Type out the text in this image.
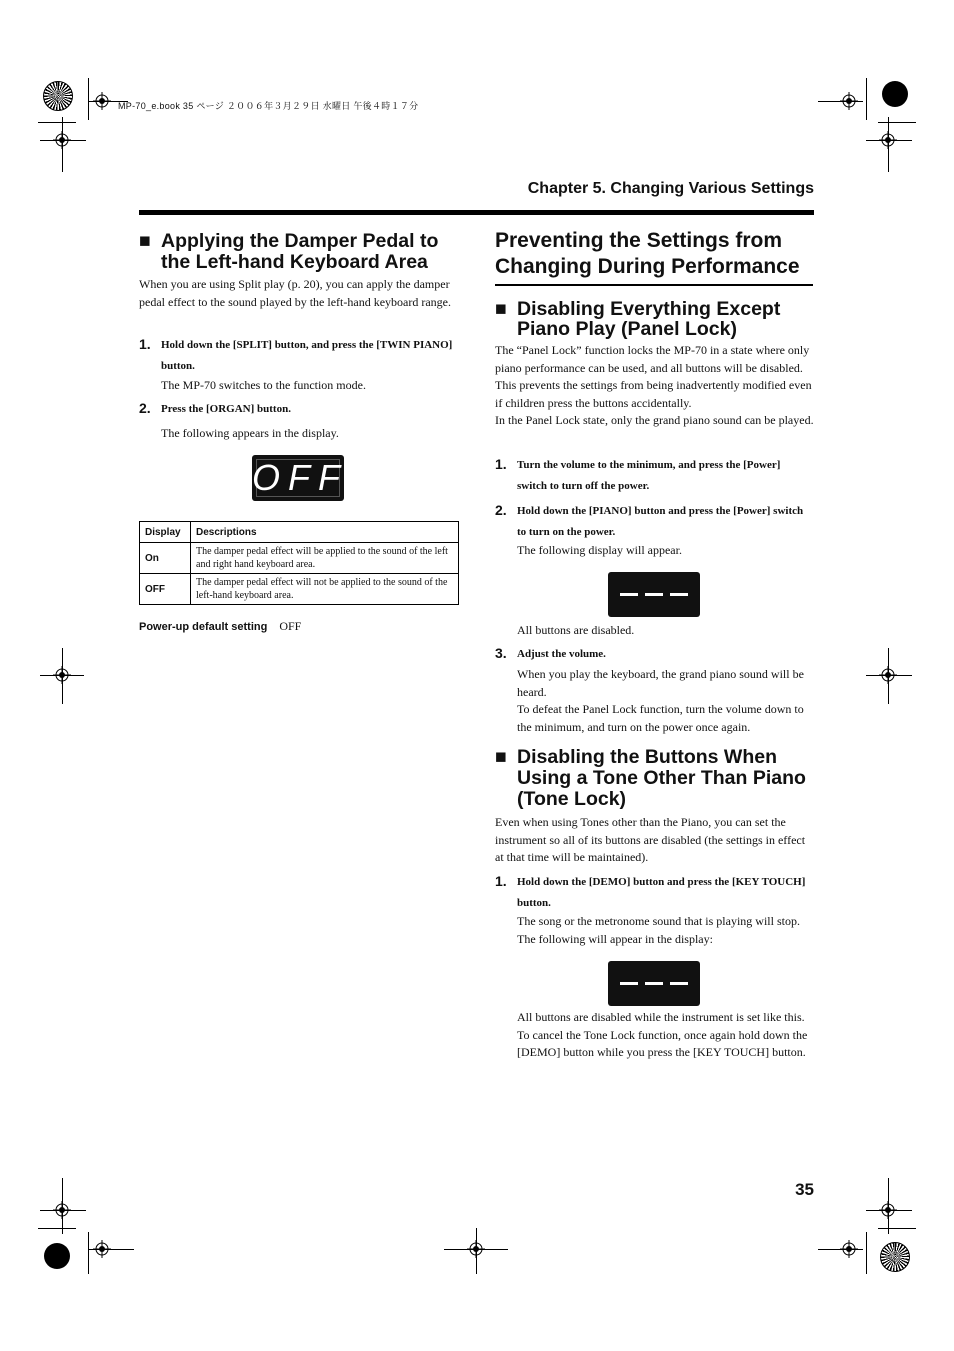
MP-70_e.book 35 ページ ２００６年３月２９日 水曜日 午後４時１７分
Chapter 5. Changing Various Settings
■ Applying the Damper Pedal to the Left-hand Keyboard Area

When you are using Split play (p. 20), you can apply the damper pedal effect to the sound played by the left-hand keyboard range.

1. Hold down the [SPLIT] button, and press the [TWIN PIANO] button.

The MP-70 switches to the function mode.

2. Press the [ORGAN] button.

The following appears in the display.

OFF
Display	Descriptions
On	The damper pedal effect will be applied to the sound of the left and right hand keyboard area.
OFF	The damper pedal effect will not be applied to the sound of the left-hand keyboard area.
Power-up default setting OFF
Preventing the Settings from Changing During Performance
■ Disabling Everything Except Piano Play (Panel Lock)

The “Panel Lock” function locks the MP-70 in a state where only piano performance can be used, and all buttons will be disabled. This prevents the settings from being inadvertently modified even if children press the buttons accidentally.

In the Panel Lock state, only the grand piano sound can be played.

1. Turn the volume to the minimum, and press the [Power] switch to turn off the power.
2. Hold down the [PIANO] button and press the [Power] switch to turn on the power.

The following display will appear.

All buttons are disabled.

3. Adjust the volume.

When you play the keyboard, the grand piano sound will be heard.

To defeat the Panel Lock function, turn the volume down to the minimum, and turn on the power once again.

■ Disabling the Buttons When Using a Tone Other Than Piano (Tone Lock)

Even when using Tones other than the Piano, you can set the instrument so all of its buttons are disabled (the settings in effect at that time will be maintained).

1. Hold down the [DEMO] button and press the [KEY TOUCH] button.

The song or the metronome sound that is playing will stop. The following will appear in the display:

All buttons are disabled while the instrument is set like this. To cancel the Tone Lock function, once again hold down the [DEMO] button while you press the [KEY TOUCH] button.

35
